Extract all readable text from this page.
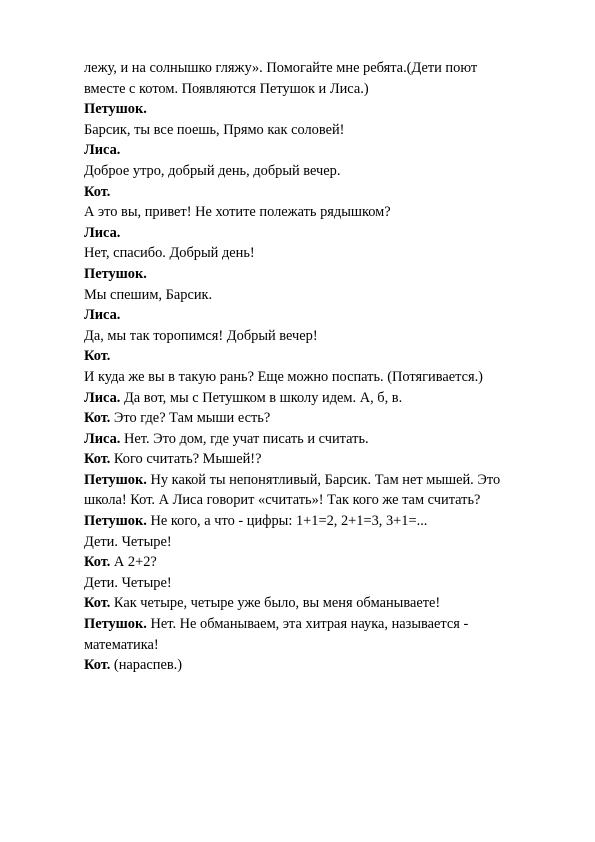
лежу, и на солнышко гляжу». Помогайте мне ребята.(Дети поют
вместе с котом. Появляются Петушок и Лиса.)
Петушок.
Барсик, ты все поешь, Прямо как соловей!
Лиса.
Доброе утро, добрый день, добрый вечер.
Кот.
А это вы, привет! Не хотите полежать рядышком?
Лиса.
Нет, спасибо. Добрый день!
Петушок.
Мы спешим, Барсик.
Лиса.
Да, мы так торопимся! Добрый вечер!
Кот.
И куда же вы в такую рань? Еще можно поспать. (Потягивается.)
Лиса. Да вот, мы с Петушком в школу идем. А, б, в.
Кот. Это где? Там мыши есть?
Лиса. Нет. Это дом, где учат писать и считать.
Кот. Кого считать? Мышей!?
Петушок. Ну какой ты непонятливый, Барсик. Там нет мышей. Это
школа! Кот. А Лиса говорит «считать»! Так кого же там считать?
Петушок. Не кого, а что - цифры: 1+1=2, 2+1=3, 3+1=...
Дети. Четыре!
Кот. А 2+2?
Дети. Четыре!
Кот. Как четыре, четыре уже было, вы меня обманываете!
Петушок. Нет. Не обманываем, эта хитрая наука, называется -
математика!
Кот. (нараспев.)
